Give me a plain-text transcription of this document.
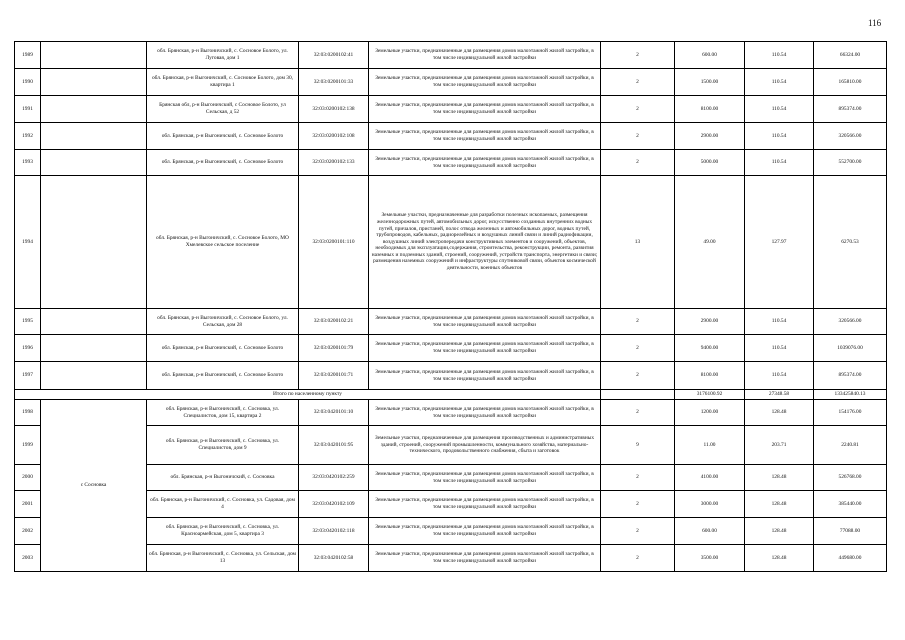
116
1989		обл. Брянская, р-н Выгоничский, с. Сосновое Болото, ул. Луговая, дом 1	32:03:0200102:41	Земельные участки, предназначенные для размещения домов малоэтажной жилой застройки, в том числе индивидуальной жилой застройки	2	600.00	110.54	66324.00
1990		обл. Брянская, р-н Выгоничский, с. Сосновое Болото, дом 30, квартира 1	32:03:0200101:33	Земельные участки, предназначенные для размещения домов малоэтажной жилой застройки, в том числе индивидуальной жилой застройки	2	1500.00	110.54	165810.00
1991		Брянская обл, р-н Выгоничский, с Сосновое Болото, ул Сельская, д 52	32:03:0200102:138	Земельные участки, предназначенные для размещения домов малоэтажной жилой застройки, в том числе индивидуальной жилой застройки	2	8100.00	110.54	895374.00
1992		обл. Брянская, р-н Выгоничский, с. Сосновое Болото	32:03:0200102:108	Земельные участки, предназначенные для размещения домов малоэтажной жилой застройки, в том числе индивидуальной жилой застройки	2	2900.00	110.54	320566.00
1993		обл. Брянская, р-н Выгоничский, с. Сосновое Болото	32:03:0200102:133	Земельные участки, предназначенные для размещения домов малоэтажной жилой застройки, в том числе индивидуальной жилой застройки	2	5000.00	110.54	552700.00
1994		обл. Брянская, р-н Выгоничский, с. Сосновое Болото, МО Хмелевское сельское поселение	32:03:0200101:110	Земельные участки, предназначенные для разработки полезных ископаемых, размещения железнодорожных путей, автомобильных дорог, искусственно созданных внутренних водных путей, причалов, пристаней, полос отвода железных и автомобильных дорог, водных путей, трубопроводов, кабельных, радиорелейных и воздушных линий связи и линий радиофикации, воздушных линий электропередачи конструктивных элементов и сооружений, объектов, необходимых для эксплуатации,содержания, строительства, реконструкции, ремонта, развития наземных и подземных зданий, строений, сооружений, устройств транспорта, энергетики и связи; размещения наземных сооружений и инфраструктуры спутниковой связи, объектов космической деятельности, военных объектов	13	49.00	127.97	6270.53
1995		обл. Брянская, р-н Выгоничский, с. Сосновое Болото, ул. Сельская, дом 28	32:03:0200102:21	Земельные участки, предназначенные для размещения домов малоэтажной жилой застройки, в том числе индивидуальной жилой застройки	2	2900.00	110.54	320566.00
1996		обл. Брянская, р-н Выгоничский, с. Сосновое Болото	32:03:0200101:79	Земельные участки, предназначенные для размещения домов малоэтажной жилой застройки, в том числе индивидуальной жилой застройки	2	9400.00	110.54	1039076.00
1997		обл. Брянская, р-н Выгоничский, с. Сосновое Болото	32:03:0200101:71	Земельные участки, предназначенные для размещения домов малоэтажной жилой застройки, в том числе индивидуальной жилой застройки	2	8100.00	110.54	895374.00
Итого по населенному пункту						3176100.92	27348.58	133425840.13
1998	с Сосновка	обл. Брянская, р-н Выгоничский, с. Сосновка, ул. Специалистов, дом 15, квартира 2	32:03:0420101:10	Земельные участки, предназначенные для размещения домов малоэтажной жилой застройки, в том числе индивидуальной жилой застройки	2	1200.00	128.48	154176.00
1999		обл. Брянская, р-н Выгоничский, с. Сосновка, ул. Специалистов, дом 9	32:03:0420101:95	Земельные участки, предназначенные для размещения производственных и административных зданий, строений, сооружений промышленности, коммунального хозяйства, материально-технического, продовольственного снабжения, сбыта и заготовок	9	11.00	203.71	2240.81
2000		обл. Брянская, р-н Выгоничский, с. Сосновка	32:03:0420102:259	Земельные участки, предназначенные для размещения домов малоэтажной жилой застройки, в том числе индивидуальной жилой застройки	2	4100.00	128.48	526768.00
2001		обл. Брянская, р-н Выгоничский, с. Сосновка, ул. Садовая, дом 4	32:03:0420102:109	Земельные участки, предназначенные для размещения домов малоэтажной жилой застройки, в том числе индивидуальной жилой застройки	2	3000.00	128.48	385440.00
2002		обл. Брянская, р-н Выгоничский, с. Сосновка, ул. Красноармейская, дом 5, квартира 3	32:03:0420102:118	Земельные участки, предназначенные для размещения домов малоэтажной жилой застройки, в том числе индивидуальной жилой застройки	2	600.00	128.48	77088.00
2003		обл. Брянская, р-н Выгоничский, с. Сосновка, ул. Сельская, дом 13	32:03:0420102:58	Земельные участки, предназначенные для размещения домов малоэтажной жилой застройки, в том числе индивидуальной жилой застройки	2	3500.00	128.48	449680.00
